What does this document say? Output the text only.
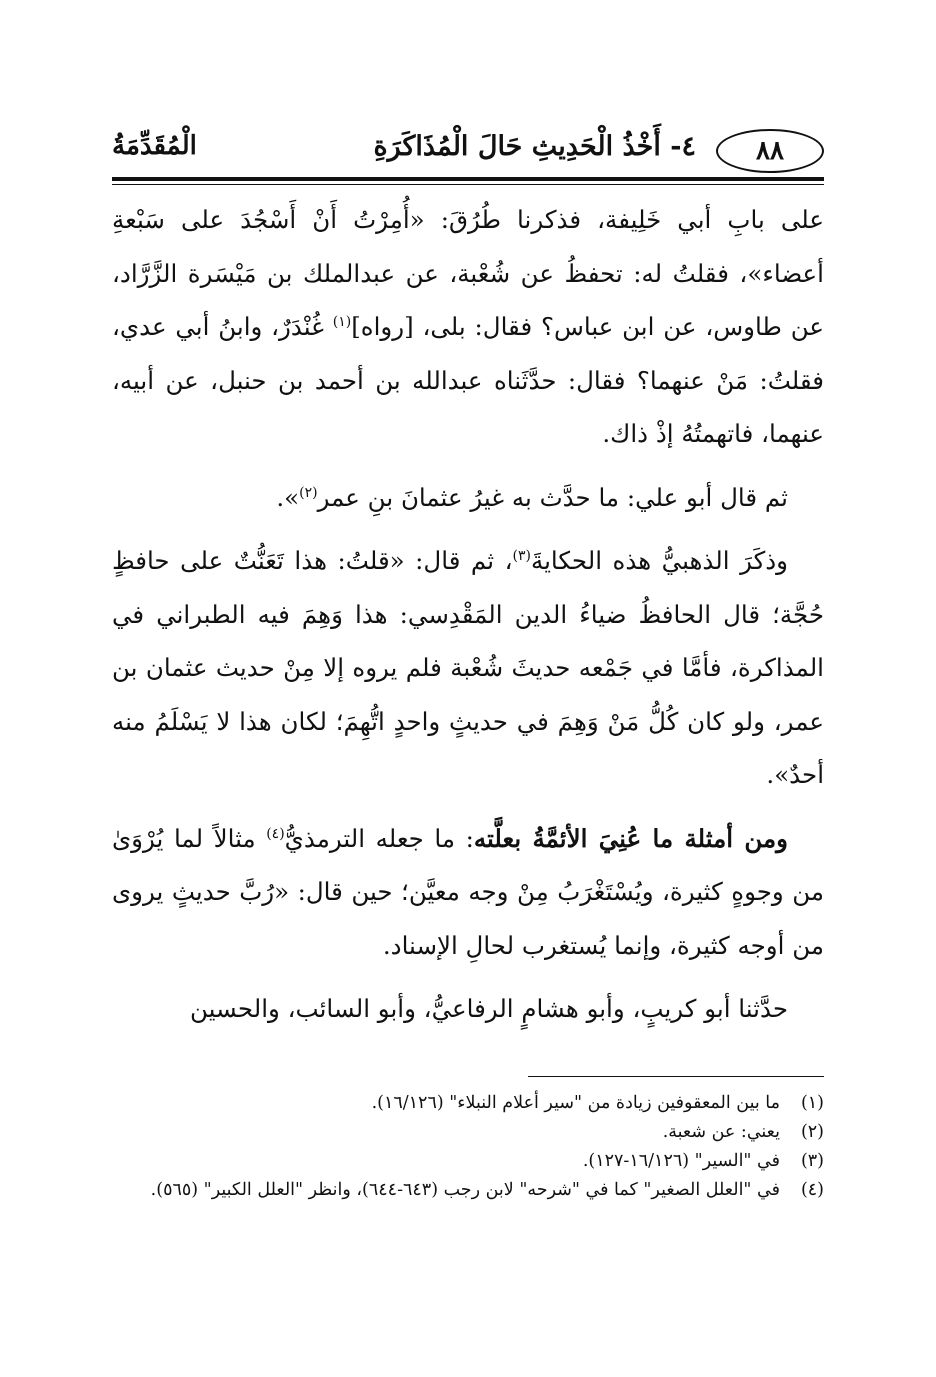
٨٨
٤- أَخْذُ الْحَدِيثِ حَالَ الْمُذَاكَرَةِ
الْمُقَدِّمَةُ

على بابِ أبي خَلِيفة، فذكرنا طُرُقَ: «أُمِرْتُ أَنْ أَسْجُدَ على سَبْعةِ أعضاء»، فقلتُ له: تحفظُ عن شُعْبة، عن عبدالملك بن مَيْسَرة الزَّرَّاد، عن طاوس، عن ابن عباس؟ فقال: بلى، [رواه]$^{(١)}$ غُنْدَرٌ، وابنُ أبي عدي، فقلتُ: مَنْ عنهما؟ فقال: حدَّثَناه عبدالله بن أحمد بن حنبل، عن أبيه، عنهما، فاتهمتُهُ إذْ ذاك.

ثم قال أبو علي: ما حدَّث به غيرُ عثمانَ بنِ عمر$^{(٢)}$».

وذكَرَ الذهبيُّ هذه الحكايةَ$^{(٣)}$، ثم قال: «قلتُ: هذا تَعَنُّتٌ على حافظٍ حُجَّة؛ قال الحافظُ ضياءُ الدين المَقْدِسي: هذا وَهِمَ فيه الطبراني في المذاكرة، فأمَّا في جَمْعه حديثَ شُعْبة فلم يروه إلا مِنْ حديث عثمان بن عمر، ولو كان كُلُّ مَنْ وَهِمَ في حديثٍ واحدٍ اتُّهِمَ؛ لكان هذا لا يَسْلَمُ منه أحدٌ».

ومن أمثلة ما عُنِيَ الأئمَّةُ بعلَّته: ما جعله الترمذيُّ$^{(٤)}$ مثالاً لما يُرْوَىٰ من وجوهٍ كثيرة، ويُسْتَغْرَبُ مِنْ وجه معيَّن؛ حين قال: «رُبَّ حديثٍ يروى من أوجه كثيرة، وإنما يُستغرب لحالِ الإسناد.

حدَّثنا أبو كريبٍ، وأبو هشامٍ الرفاعيُّ، وأبو السائب، والحسين

(١)
ما بين المعقوفين زيادة من "سير أعلام النبلاء" (١٦/١٢٦).
(٢)
يعني: عن شعبة.
(٣)
في "السير" (١٦/١٢٦-١٢٧).
(٤)
في "العلل الصغير" كما في "شرحه" لابن رجب (٦٤٣-٦٤٤)، وانظر "العلل الكبير" (٥٦٥).
